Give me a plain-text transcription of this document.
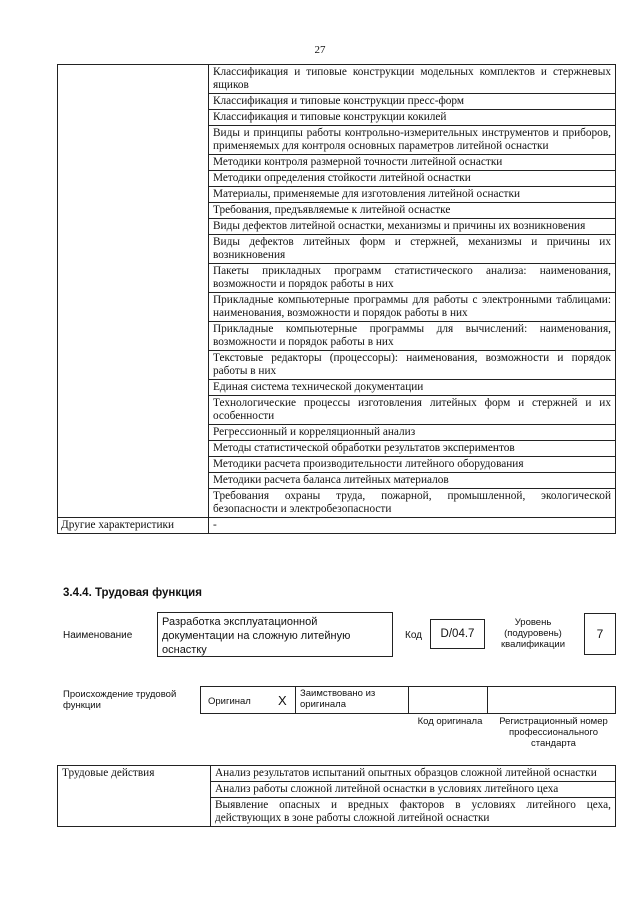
27
	Классификация и типовые конструкции модельных комплектов и стержневых ящиков
	Классификация и типовые конструкции пресс-форм
	Классификация и типовые конструкции кокилей
	Виды и принципы работы контрольно-измерительных инструментов и приборов, применяемых для контроля основных параметров литейной оснастки
	Методики контроля размерной точности литейной оснастки
	Методики определения стойкости литейной оснастки
	Материалы, применяемые для изготовления литейной оснастки
	Требования, предъявляемые к литейной оснастке
	Виды дефектов литейной оснастки, механизмы и причины их возникновения
	Виды дефектов литейных форм и стержней, механизмы и причины их возникновения
	Пакеты прикладных программ статистического анализа: наименования, возможности и порядок работы в них
	Прикладные компьютерные программы для работы с электронными таблицами: наименования, возможности и порядок работы в них
	Прикладные компьютерные программы для вычислений: наименования, возможности и порядок работы в них
	Текстовые редакторы (процессоры): наименования, возможности и порядок работы в них
	Единая система технической документации
	Технологические процессы изготовления литейных форм и стержней и их особенности
	Регрессионный и корреляционный анализ
	Методы статистической обработки результатов экспериментов
	Методики расчета производительности литейного оборудования
	Методики расчета баланса литейных материалов
	Требования охраны труда, пожарной, промышленной, экологической безопасности и электробезопасности
Другие характеристики	-
3.4.4. Трудовая функция
Наименование
Разработка эксплуатационной документации на сложную литейную оснастку
Код	D/04.7
Уровень (подуровень) квалификации
7
Происхождение трудовой функции	Оригинал X Заимствовано из оригинала
Код оригинала	Регистрационный номер профессионального стандарта
Трудовые действия	Анализ результатов испытаний опытных образцов сложной литейной оснастки
Анализ работы сложной литейной оснастки в условиях литейного цеха
Выявление опасных и вредных факторов в условиях литейного цеха, действующих в зоне работы сложной литейной оснастки
